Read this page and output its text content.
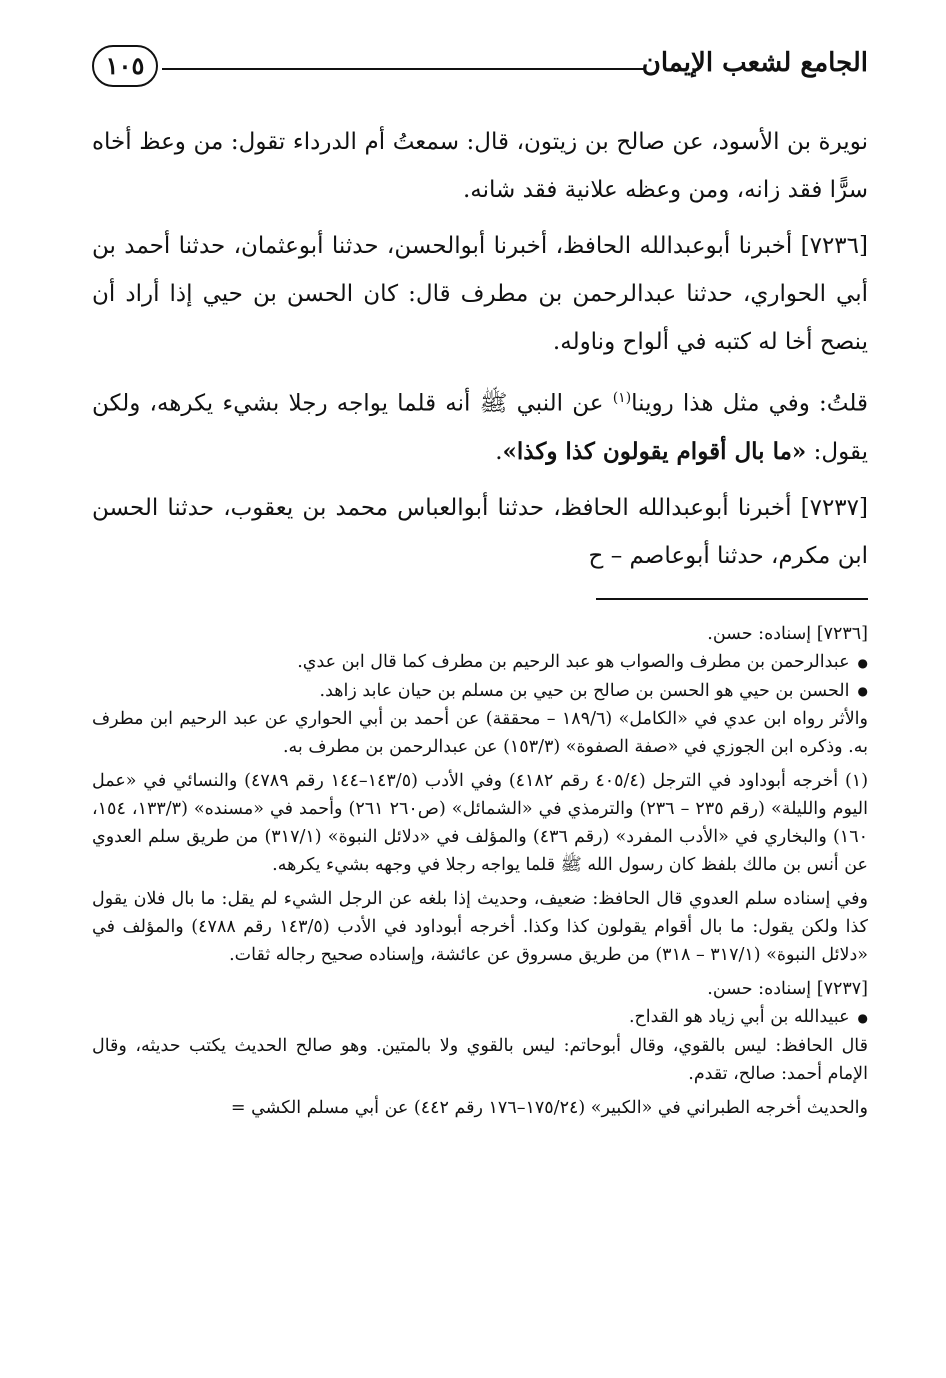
الجامع لشعب الإيمان
١٠٥

نويرة بن الأسود، عن صالح بن زيتون، قال: سمعتُ أم الدرداء تقول: من وعظ أخاه سرًّا فقد زانه، ومن وعظه علانية فقد شانه.

[٧٢٣٦] أخبرنا أبوعبدالله الحافظ، أخبرنا أبوالحسن، حدثنا أبوعثمان، حدثنا أحمد بن أبي الحواري، حدثنا عبدالرحمن بن مطرف قال: كان الحسن بن حيي إذا أراد أن ينصح أخا له كتبه في ألواح وناوله.

قلتُ: وفي مثل هذا روينا$^{(١)}$ عن النبي ﷺ أنه قلما يواجه رجلا بشيء يكرهه، ولكن يقول: «ما بال أقوام يقولون كذا وكذا».

[٧٢٣٧] أخبرنا أبوعبدالله الحافظ، حدثنا أبوالعباس محمد بن يعقوب، حدثنا الحسن ابن مكرم، حدثنا أبوعاصم – ح

[٧٢٣٦] إسناده: حسن.

●عبدالرحمن بن مطرف والصواب هو عبد الرحيم بن مطرف كما قال ابن عدي.

●الحسن بن حيي هو الحسن بن صالح بن حيي بن مسلم بن حيان عابد زاهد.

والأثر رواه ابن عدي في «الكامل» (١٨٩/٦ – محققة) عن أحمد بن أبي الحواري عن عبد الرحيم ابن مطرف به. وذكره ابن الجوزي في «صفة الصفوة» (١٥٣/٣) عن عبدالرحمن بن مطرف به.

(١) أخرجه أبوداود في الترجل (٤٠٥/٤ رقم ٤١٨٢) وفي الأدب (١٤٣/٥–١٤٤ رقم ٤٧٨٩) والنسائي في «عمل اليوم والليلة» (رقم ٢٣٥ – ٢٣٦) والترمذي في «الشمائل» (ص٢٦٠ ٢٦١) وأحمد في «مسنده» (١٣٣/٣، ١٥٤، ١٦٠) والبخاري في «الأدب المفرد» (رقم ٤٣٦) والمؤلف في «دلائل النبوة» (٣١٧/١) من طريق سلم العدوي عن أنس بن مالك بلفظ كان رسول الله ﷺ قلما يواجه رجلا في وجهه بشيء يكرهه.

وفي إسناده سلم العدوي قال الحافظ: ضعيف، وحديث إذا بلغه عن الرجل الشيء لم يقل: ما بال فلان يقول كذا ولكن يقول: ما بال أقوام يقولون كذا وكذا. أخرجه أبوداود في الأدب (١٤٣/٥ رقم ٤٧٨٨) والمؤلف في «دلائل النبوة» (٣١٧/١ – ٣١٨) من طريق مسروق عن عائشة، وإسناده صحيح رجاله ثقات.

[٧٢٣٧] إسناده: حسن.

●عبيدالله بن أبي زياد هو القداح.

قال الحافظ: ليس بالقوي، وقال أبوحاتم: ليس بالقوي ولا بالمتين. وهو صالح الحديث يكتب حديثه، وقال الإمام أحمد: صالح، تقدم.

والحديث أخرجه الطبراني في «الكبير» (١٧٥/٢٤–١٧٦ رقم ٤٤٢) عن أبي مسلم الكشي =
